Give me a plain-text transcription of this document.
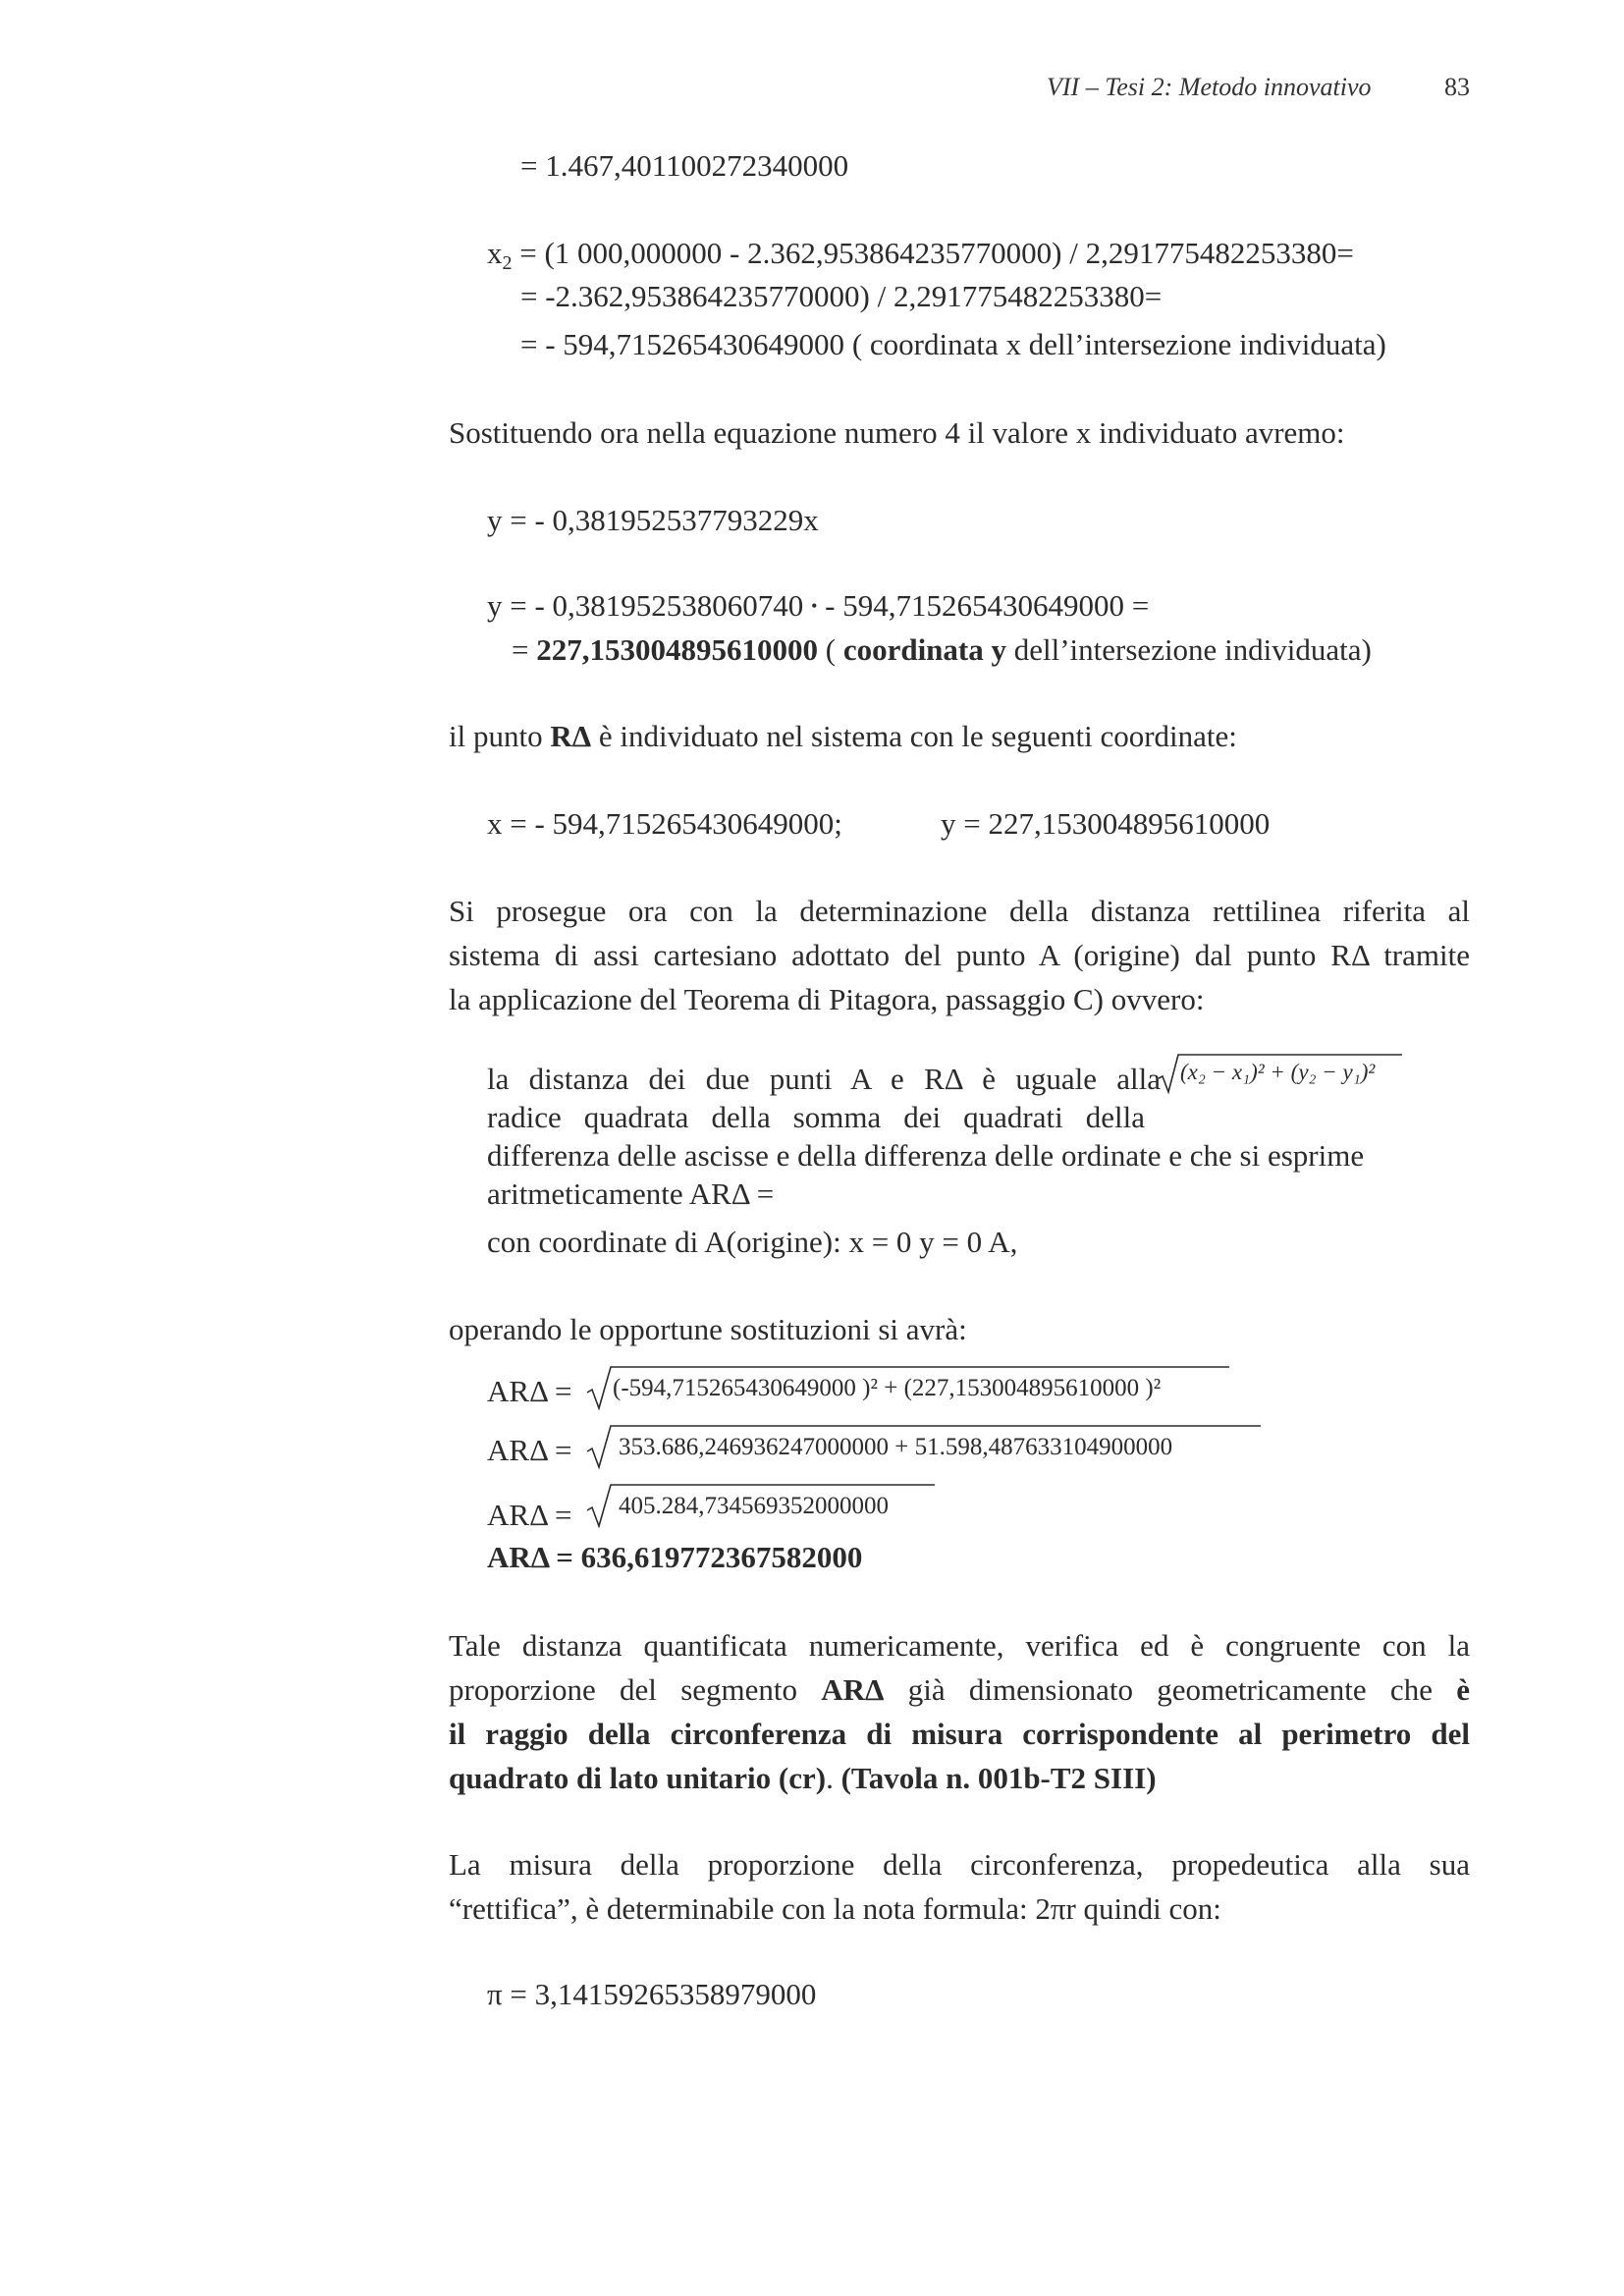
VII – Tesi 2: Metodo innovativo	83
= 1.467,401100272340000
$x_2 = (1$ 000,000000 - 2.362,953864235770000) / 2,291775482253380=
= -2.362,953864235770000) / 2,291775482253380=
= - 594,715265430649000 ( coordinata x dell’intersezione individuata)
Sostituendo ora nella equazione numero 4 il valore x individuato avremo:
y = - 0,381952537793229x
y = - 0,381952538060740 • - 594,715265430649000 =
= 227,153004895610000 ( coordinata y dell’intersezione individuata)
il punto RΔ è individuato nel sistema con le seguenti coordinate:
x = - 594,715265430649000;	y = 227,153004895610000
Si prosegue ora con la determinazione della distanza rettilinea riferita al
sistema di assi cartesiano adottato del punto A (origine) dal punto RΔ tramite
la applicazione del Teorema di Pitagora, passaggio C) ovvero:
la distanza dei due punti A e RΔ è uguale alla (x₂ − x₁)² + (y₂ − y₁)²
radice quadrata della somma dei quadrati della
differenza delle ascisse e della differenza delle ordinate e che si esprime
aritmeticamente ARΔ =
con coordinate di A(origine): x = 0 y = 0 A,
operando le opportune sostituzioni si avrà:
ARΔ = (-594,715265430649000 )² + (227,153004895610000 )²
ARΔ = 353.686,246936247000000 + 51.598,487633104900000
ARΔ = 405.284,734569352000000
ARΔ = 636,619772367582000
Tale distanza quantificata numericamente, verifica ed è congruente con la
proporzione del segmento ARΔ già dimensionato geometricamente che è
il raggio della circonferenza di misura corrispondente al perimetro del
quadrato di lato unitario (cr). (Tavola n. 001b-T2 SIII)
La misura della proporzione della circonferenza, propedeutica alla sua
“rettifica”, è determinabile con la nota formula: 2πr quindi con:
π = 3,14159265358979000
